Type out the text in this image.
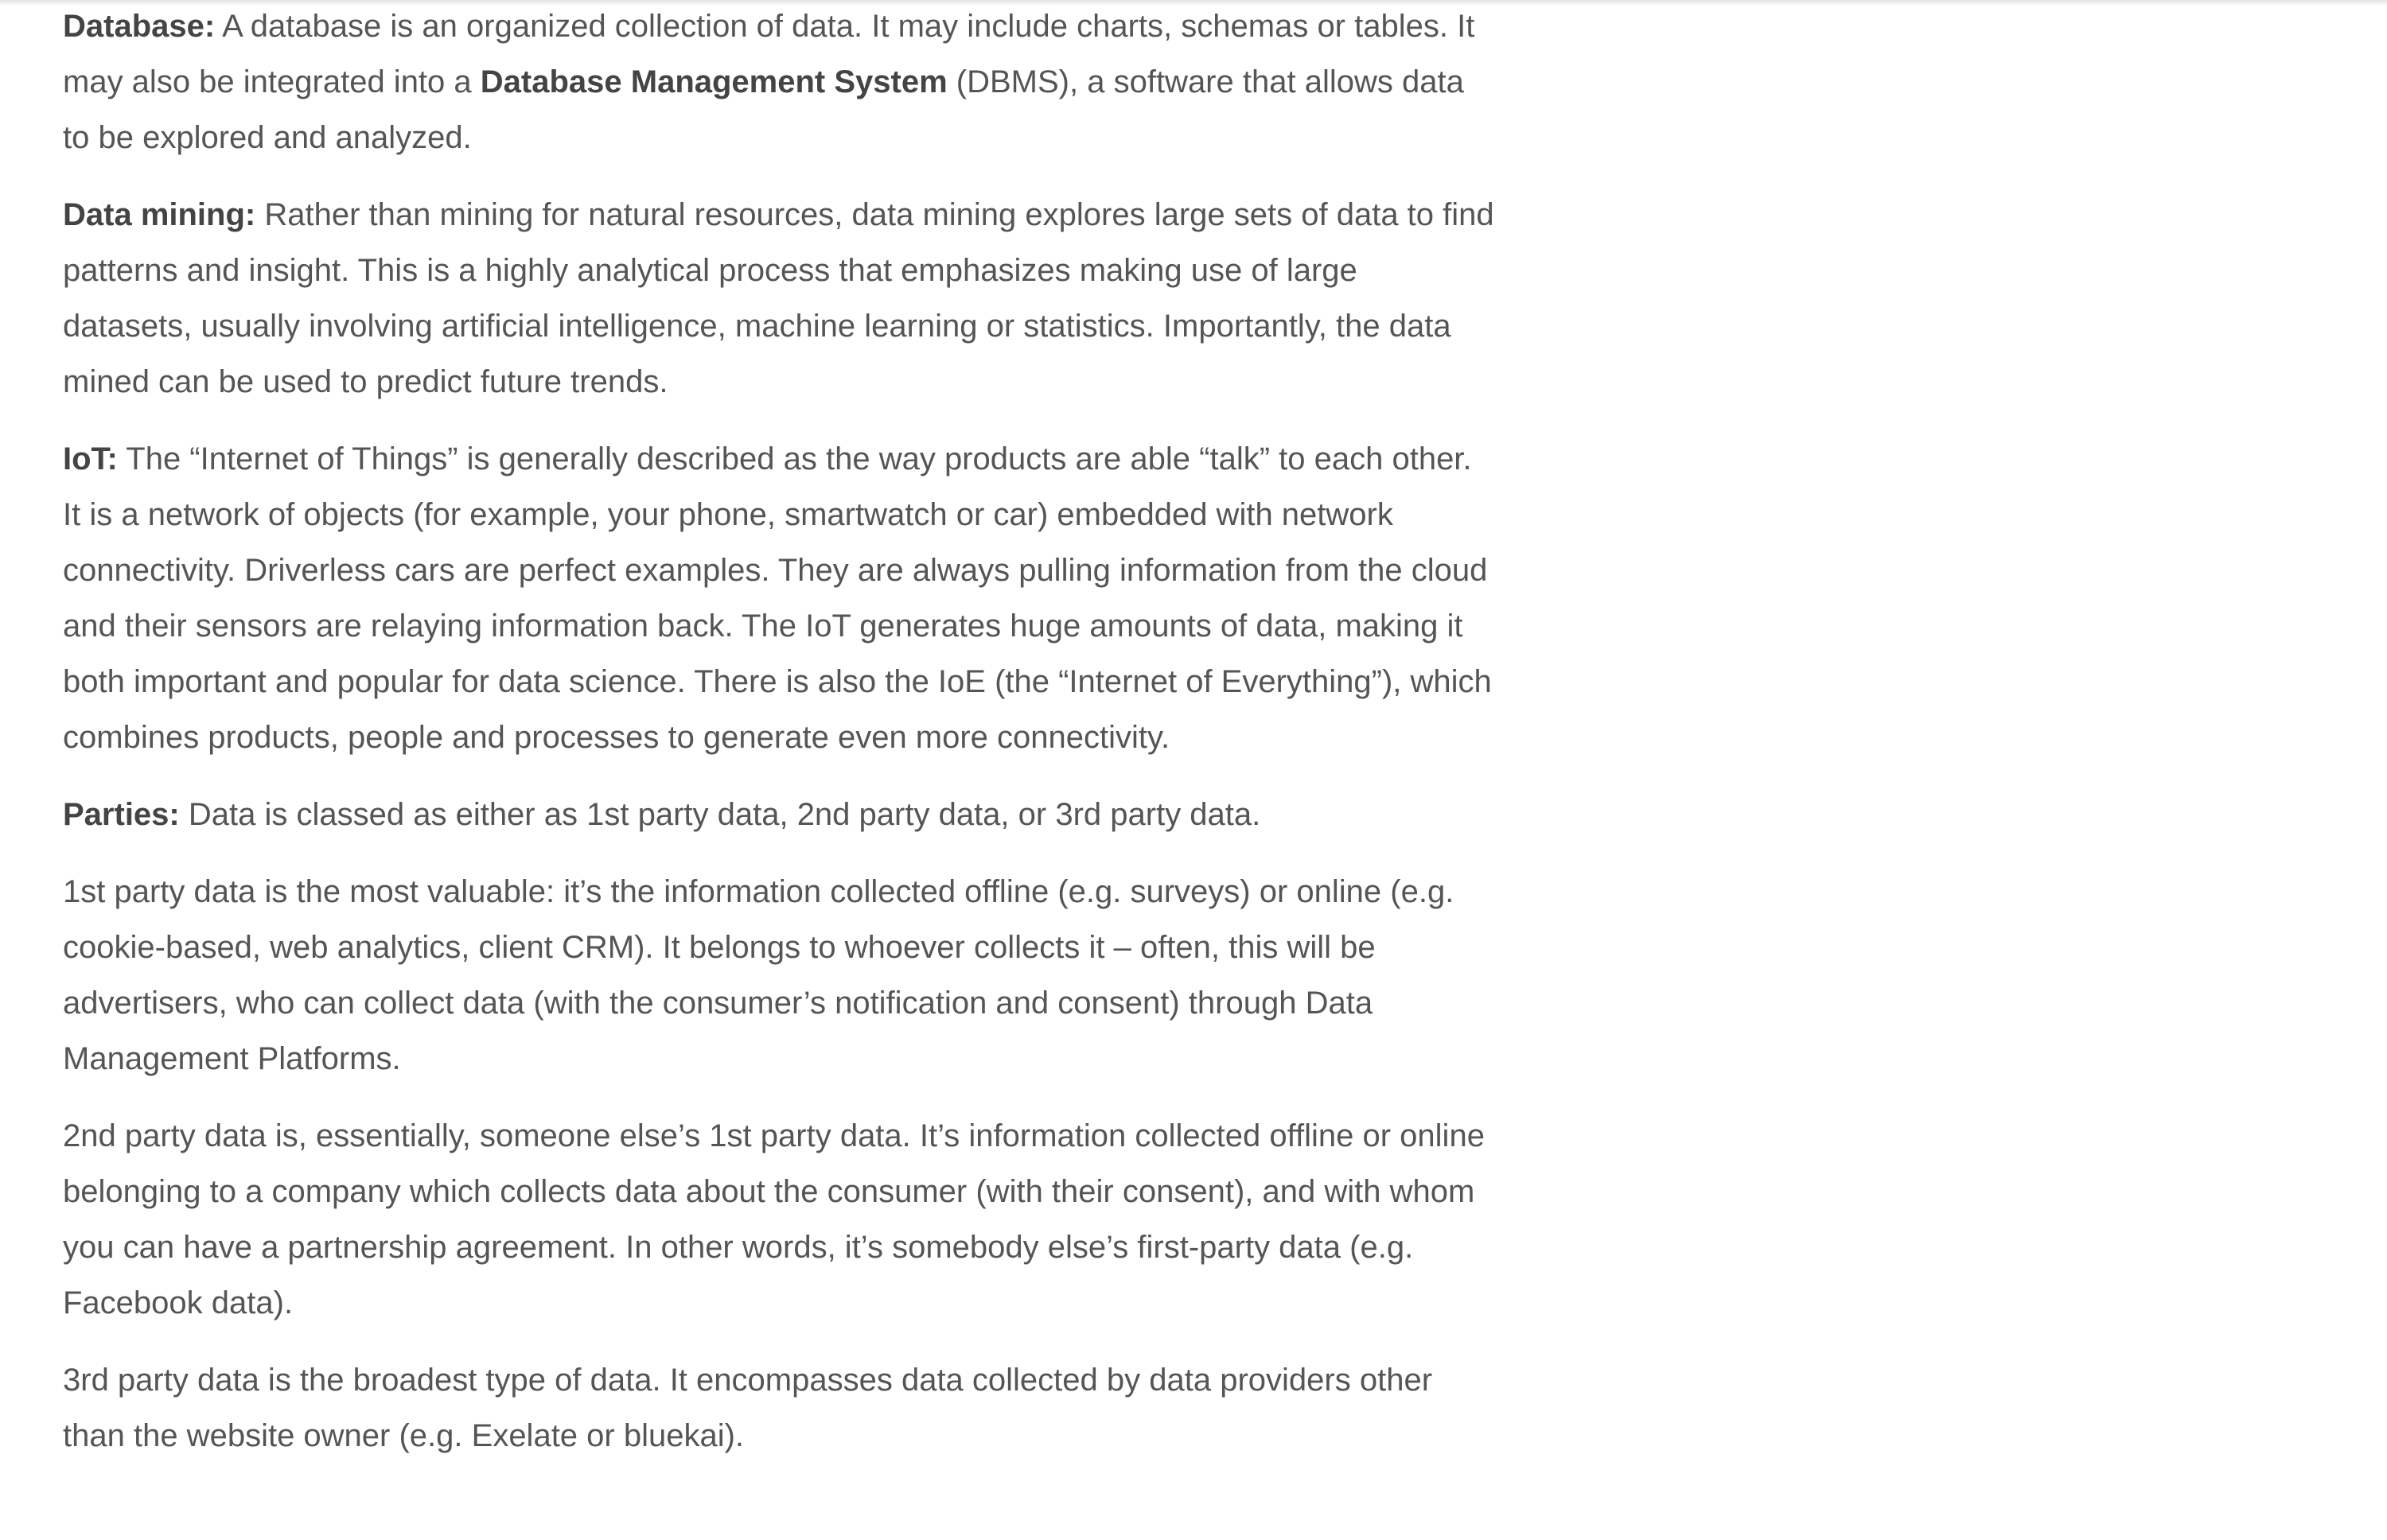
Database: A database is an organized collection of data. It may include charts, schemas or tables. It may also be integrated into a Database Management System (DBMS), a software that allows data to be explored and analyzed.

Data mining: Rather than mining for natural resources, data mining explores large sets of data to find patterns and insight. This is a highly analytical process that emphasizes making use of large datasets, usually involving artificial intelligence, machine learning or statistics. Importantly, the data mined can be used to predict future trends.

IoT: The “Internet of Things” is generally described as the way products are able “talk” to each other. It is a network of objects (for example, your phone, smartwatch or car) embedded with network connectivity. Driverless cars are perfect examples. They are always pulling information from the cloud and their sensors are relaying information back. The IoT generates huge amounts of data, making it both important and popular for data science. There is also the IoE (the “Internet of Everything”), which combines products, people and processes to generate even more connectivity.

Parties: Data is classed as either as 1st party data, 2nd party data, or 3rd party data.

1st party data is the most valuable: it’s the information collected offline (e.g. surveys) or online (e.g. cookie-based, web analytics, client CRM). It belongs to whoever collects it – often, this will be advertisers, who can collect data (with the consumer’s notification and consent) through Data Management Platforms.

2nd party data is, essentially, someone else’s 1st party data. It’s information collected offline or online belonging to a company which collects data about the consumer (with their consent), and with whom you can have a partnership agreement. In other words, it’s somebody else’s first-party data (e.g. Facebook data).

3rd party data is the broadest type of data. It encompasses data collected by data providers other than the website owner (e.g. Exelate or bluekai).
